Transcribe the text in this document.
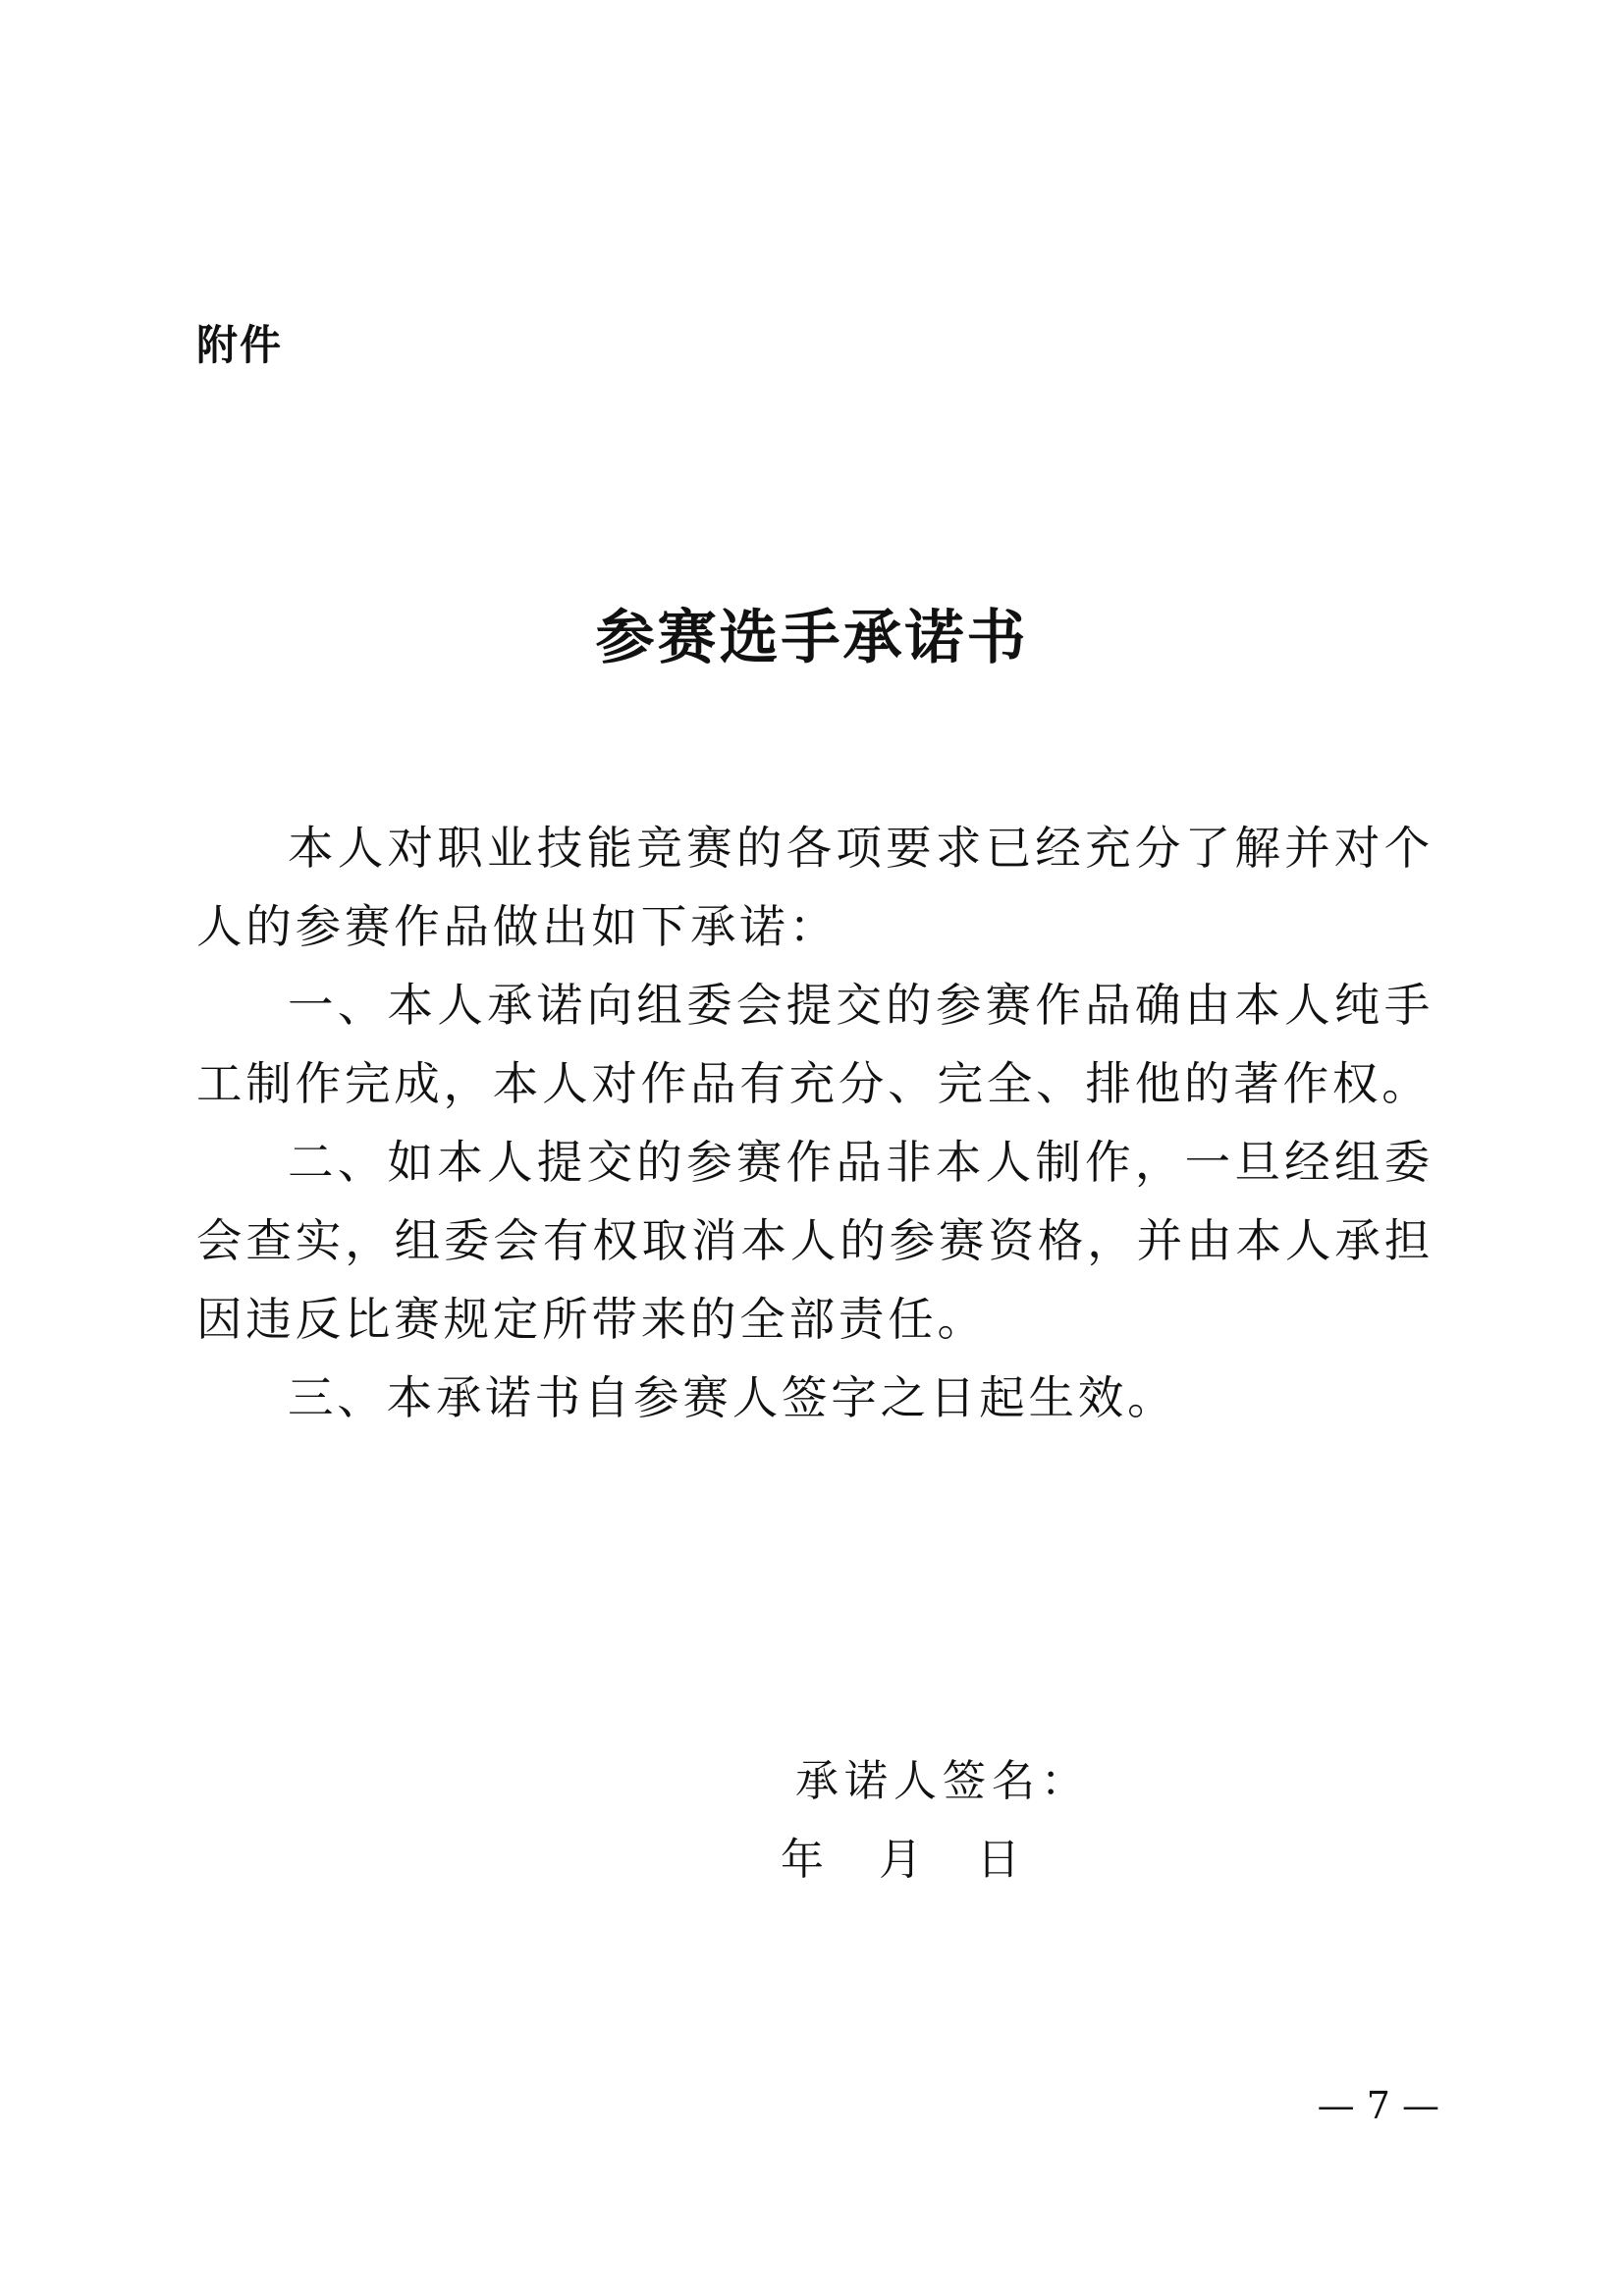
附件
参赛选手承诺书

本人对职业技能竞赛的各项要求已经充分了解并对个人的参赛作品做出如下承诺：

一、本人承诺向组委会提交的参赛作品确由本人纯手工制作完成，本人对作品有充分、完全、排他的著作权。

二、如本人提交的参赛作品非本人制作，一旦经组委会查实，组委会有权取消本人的参赛资格，并由本人承担因违反比赛规定所带来的全部责任。

三、本承诺书自参赛人签字之日起生效。

承诺人签名：
年    月    日
— 7 —
